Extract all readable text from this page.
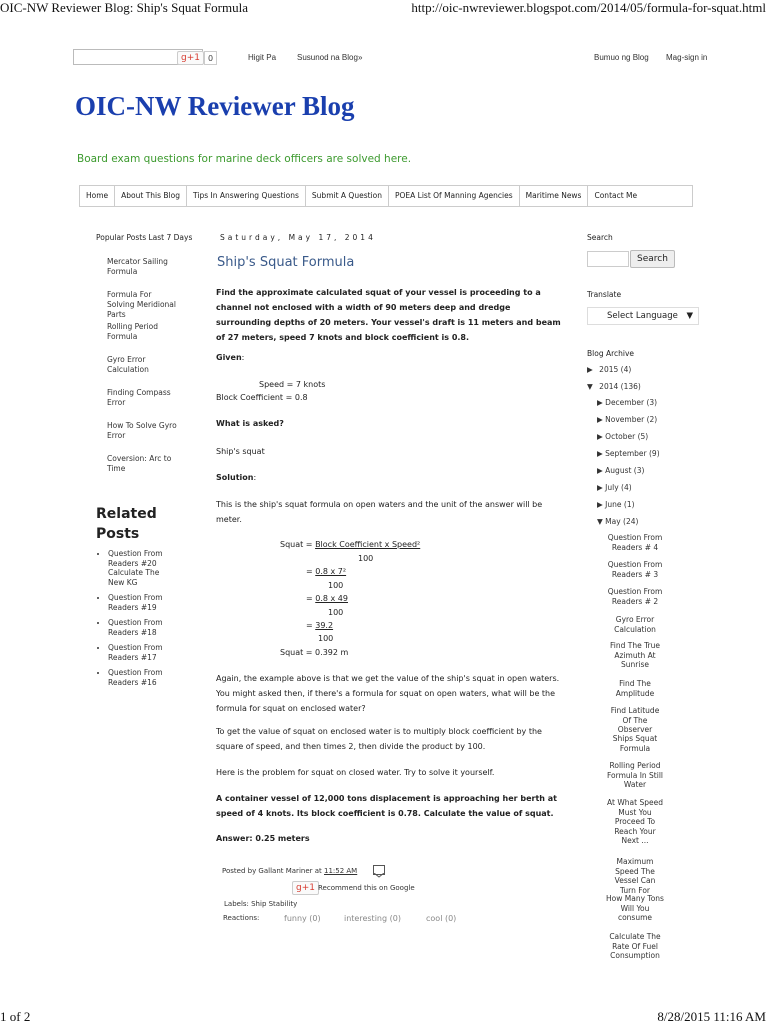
OIC-NW Reviewer Blog: Ship's Squat Formula	http://oic-nwreviewer.blogspot.com/2014/05/formula-for-squat.html
g+1	0	Higit Pa	Susunod na Blog»	Bumuo ng Blog Mag-sign in
OIC-NW Reviewer Blog
Board exam questions for marine deck officers are solved here.
Home	About This Blog	Tips In Answering Questions	Submit A Question	POEA List Of Manning Agencies	Maritime News	Contact Me
Popular Posts Last 7 Days
Mercator Sailing Formula
Formula For Solving Meridional Parts
Rolling Period Formula
Gyro Error Calculation
Finding Compass Error
How To Solve Gyro Error
Coversion: Arc to Time
Related Posts
• Question From Readers #20 Calculate The New KG
• Question From Readers #19
• Question From Readers #18
• Question From Readers #17
• Question From Readers #16
Saturday, May 17, 2014
Ship's Squat Formula
Find the approximate calculated squat of your vessel is proceeding to a channel not enclosed with a width of 90 meters deep and dredge surrounding depths of 20 meters. Your vessel's draft is 11 meters and beam of 27 meters, speed 7 knots and block coefficient is 0.8.
Given:
Speed = 7 knots
Block Coefficient = 0.8
What is asked?
Ship's squat
Solution:
This is the ship's squat formula on open waters and the unit of the answer will be meter.
Squat = Block Coefficient x Speed²
100
= 0.8 x 7²
100
= 0.8 x 49
100
= 39.2
100
Squat = 0.392 m
Again, the example above is that we get the value of the ship's squat in open waters. You might asked then, if there's a formula for squat on open waters, what will be the formula for squat on enclosed water?
To get the value of squat on enclosed water is to multiply block coefficient by the square of speed, and then times 2, then divide the product by 100.
Here is the problem for squat on closed water. Try to solve it yourself.
A container vessel of 12,000 tons displacement is approaching her berth at speed of 4 knots. Its block coefficient is 0.78. Calculate the value of squat.
Answer: 0.25 meters
Posted by Gallant Mariner at 11:52 AM
g+1 Recommend this on Google
Labels: Ship Stability
Reactions:	funny (0)	interesting (0)	cool (0)
Search
Search
Translate
Select Language ▼
Blog Archive
▶ 2015 (4)
▼ 2014 (136)
▶ December (3)
▶ November (2)
▶ October (5)
▶ September (9)
▶ August (3)
▶ July (4)
▶ June (1)
▼ May (24)
Question From Readers # 4
Question From Readers # 3
Question From Readers # 2
Gyro Error Calculation
Find The True Azimuth At Sunrise
Find The Amplitude
Find Latitude Of The Observer
Ships Squat Formula
Rolling Period Formula In Still Water
At What Speed Must You Proceed To Reach Your Next ...
Maximum Speed The Vessel Can Turn For
How Many Tons Will You consume
Calculate The Rate Of Fuel Consumption
1 of 2	8/28/2015 11:16 AM
